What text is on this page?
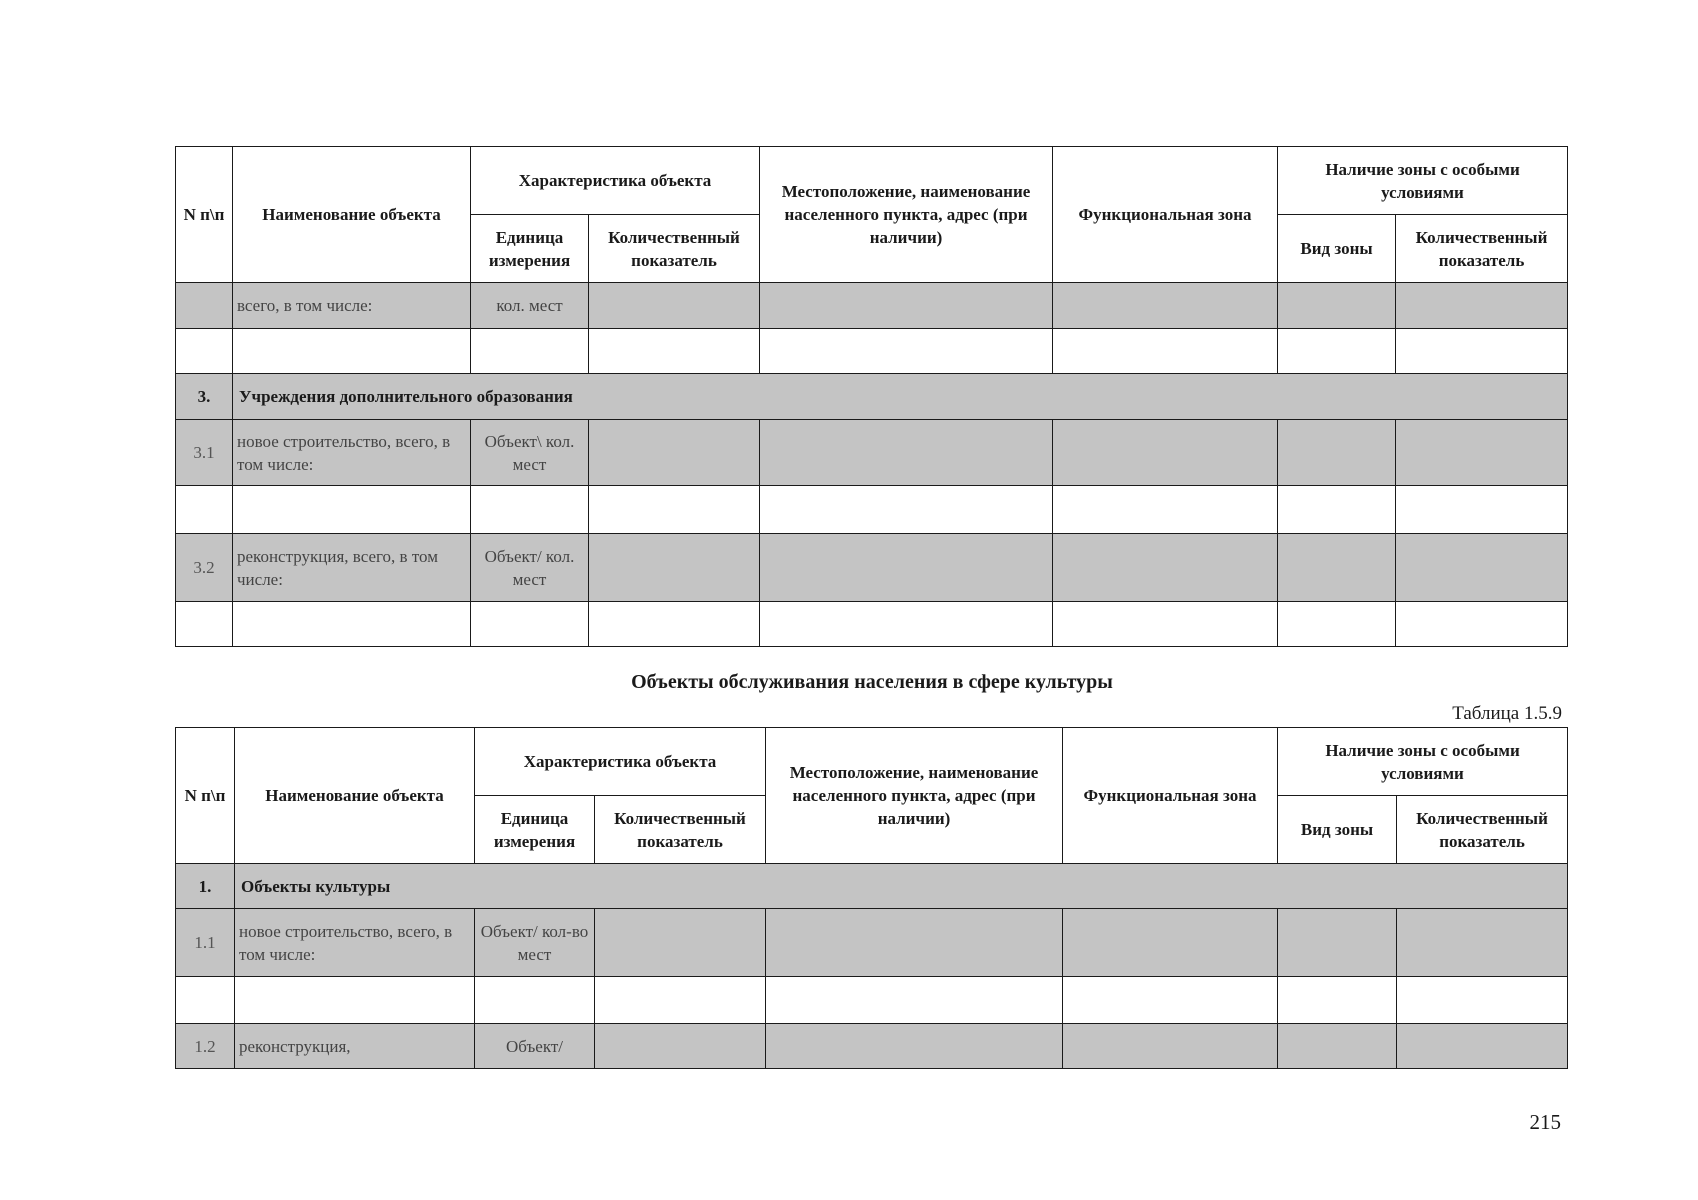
N п\п	Наименование объекта	Характеристика объекта		Местоположение, наименование населенного пункта, адрес (при наличии)	Функциональная зона	Наличие зоны с особыми условиями	
		Единица измерения	Количественный показатель			Вид зоны	Количественный показатель
	всего, в том числе:	кол. мест					

3.	Учреждения дополнительного образования						
3.1	новое строительство, всего, в том числе:	Объект\ кол. мест					

3.2	реконструкция, всего, в том числе:	Объект/ кол. мест					

Объекты обслуживания населения в сфере культуры
Таблица 1.5.9
N п\п	Наименование объекта	Характеристика объекта		Местоположение, наименование населенного пункта, адрес (при наличии)	Функциональная зона	Наличие зоны с особыми условиями	
		Единица измерения	Количественный показатель			Вид зоны	Количественный показатель
1.	Объекты культуры						
1.1	новое строительство, всего, в том числе:	Объект/ кол-во мест					

1.2	реконструкция,	Объект/					
215
